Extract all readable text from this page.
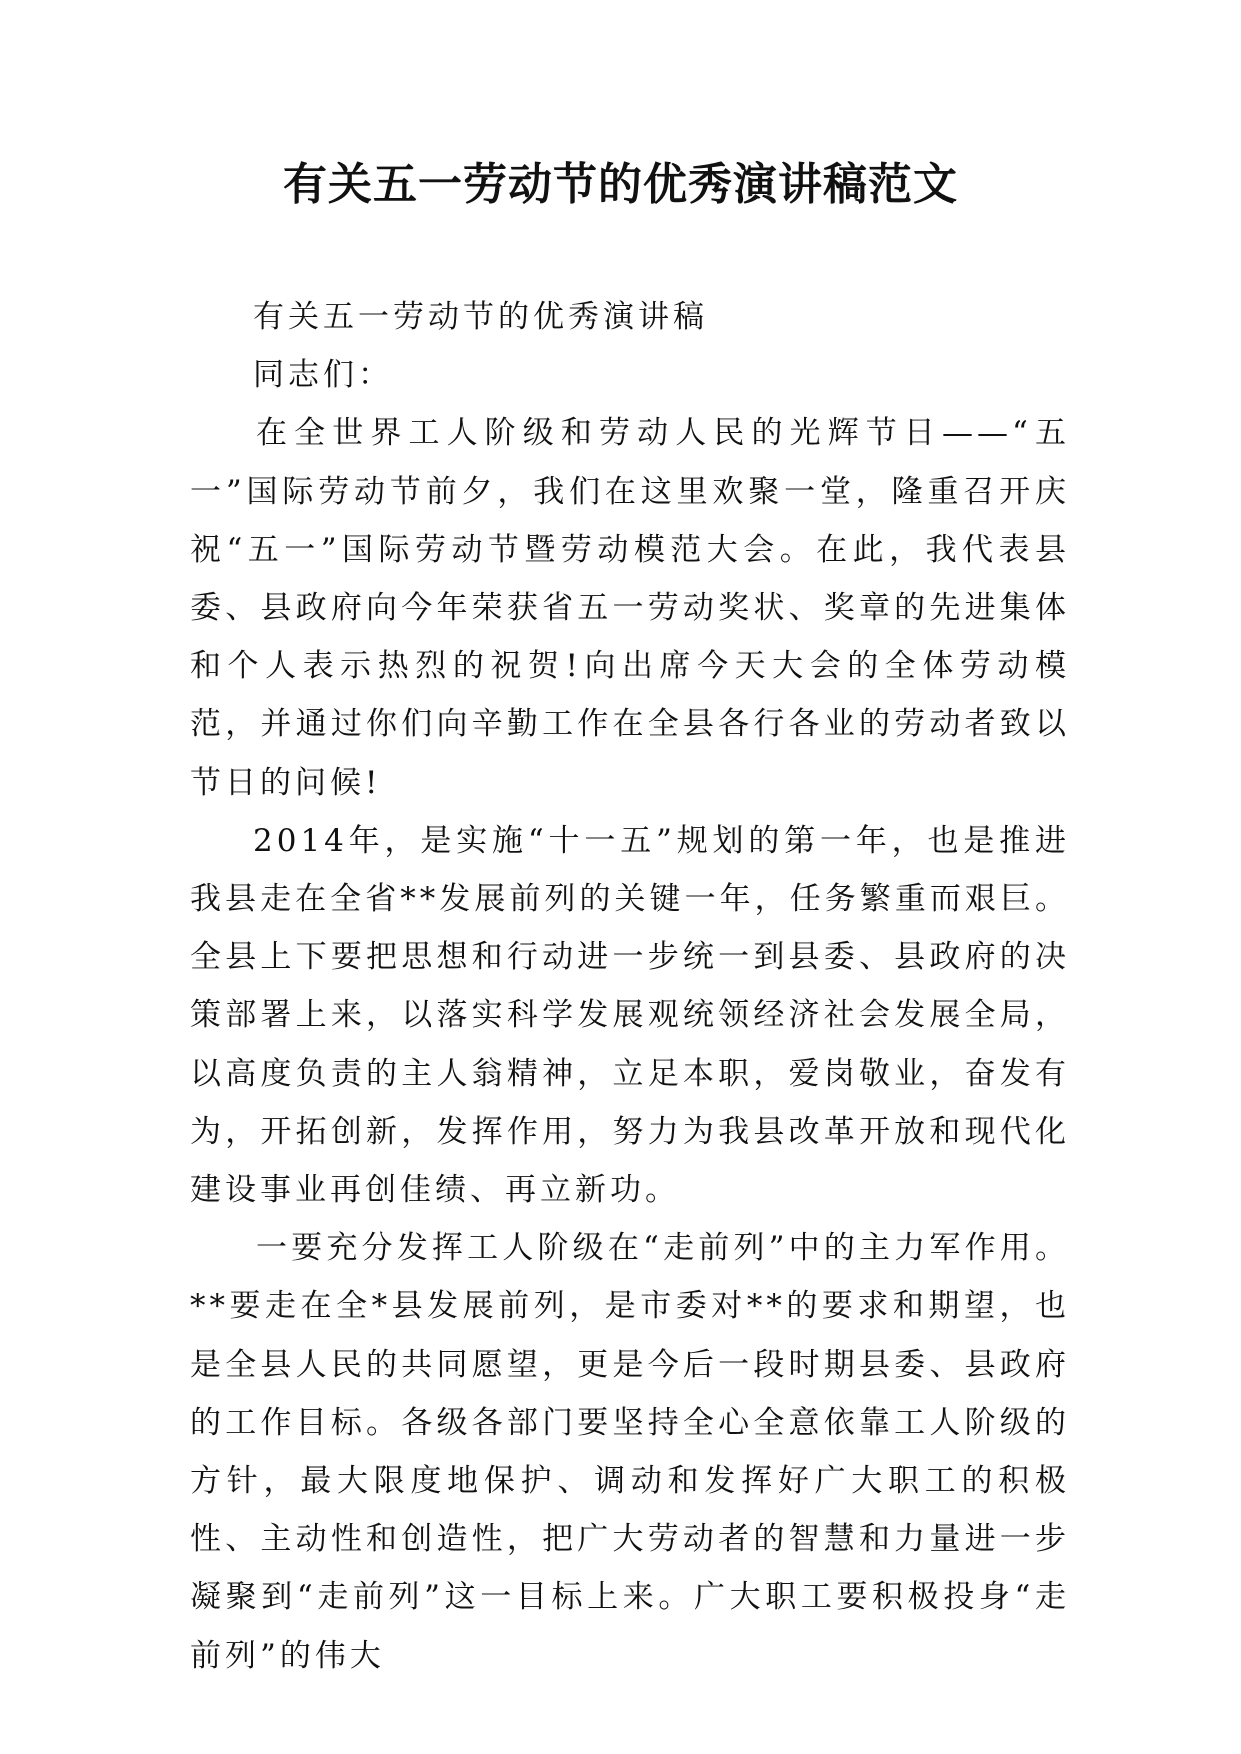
有关五一劳动节的优秀演讲稿范文

有关五一劳动节的优秀演讲稿

同志们：

在全世界工人阶级和劳动人民的光辉节日——“五一”国际劳动节前夕，我们在这里欢聚一堂，隆重召开庆祝“五一”国际劳动节暨劳动模范大会。在此，我代表县委、县政府向今年荣获省五一劳动奖状、奖章的先进集体和个人表示热烈的祝贺!向出席今天大会的全体劳动模范，并通过你们向辛勤工作在全县各行各业的劳动者致以节日的问候!

2014年，是实施“十一五”规划的第一年，也是推进我县走在全省**发展前列的关键一年，任务繁重而艰巨。全县上下要把思想和行动进一步统一到县委、县政府的决策部署上来，以落实科学发展观统领经济社会发展全局，以高度负责的主人翁精神，立足本职，爱岗敬业，奋发有为，开拓创新，发挥作用，努力为我县改革开放和现代化建设事业再创佳绩、再立新功。

一要充分发挥工人阶级在“走前列”中的主力军作用。**要走在全*县发展前列，是市委对**的要求和期望，也是全县人民的共同愿望，更是今后一段时期县委、县政府的工作目标。各级各部门要坚持全心全意依靠工人阶级的方针，最大限度地保护、调动和发挥好广大职工的积极性、主动性和创造性，把广大劳动者的智慧和力量进一步凝聚到“走前列”这一目标上来。广大职工要积极投身“走前列”的伟大
